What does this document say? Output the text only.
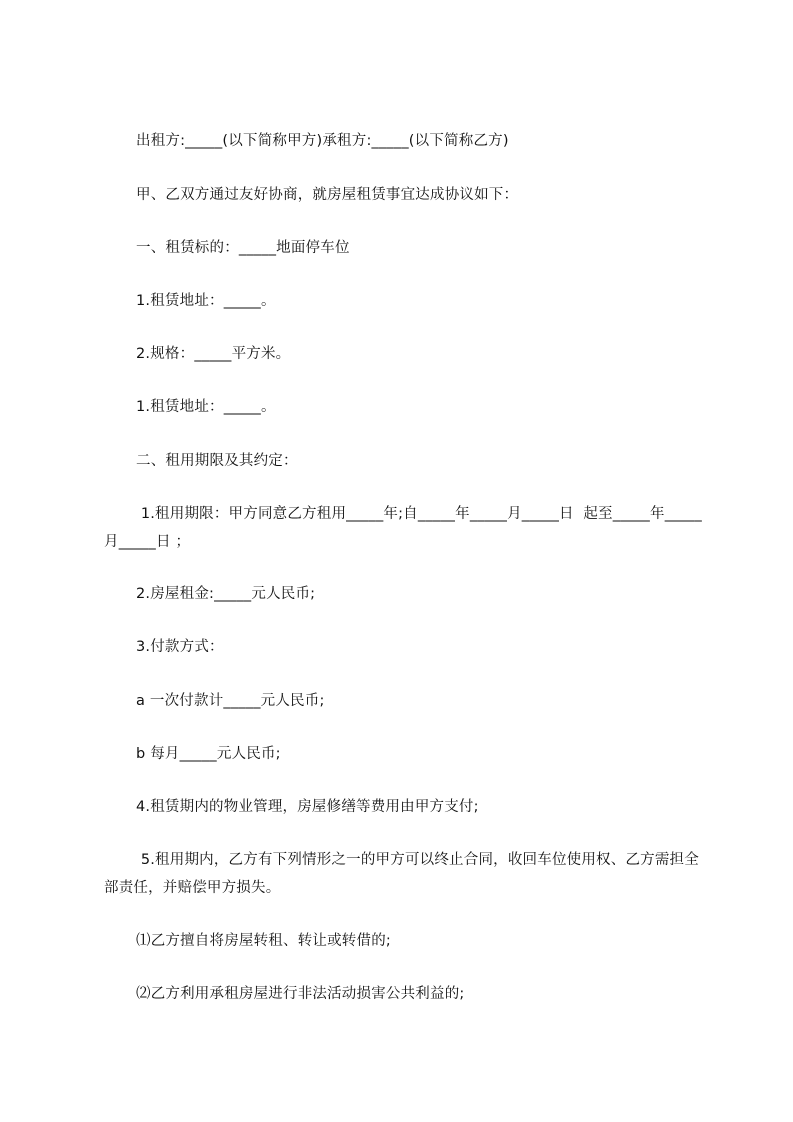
出租方:_____(以下简称甲方)承租方:_____(以下简称乙方)
甲、乙双方通过友好协商，就房屋租赁事宜达成协议如下：
一、租赁标的：_____地面停车位
1.租赁地址：_____。
2.规格：_____平方米。
1.租赁地址：_____。
二、租用期限及其约定：
1.租用期限：甲方同意乙方租用_____年;自_____年_____月_____日  起至_____年_____月_____日 ；
2.房屋租金:_____元人民币;
3.付款方式：
a 一次付款计_____元人民币;
b 每月_____元人民币;
4.租赁期内的物业管理，房屋修缮等费用由甲方支付;
5.租用期内，乙方有下列情形之一的甲方可以终止合同，收回车位使用权、乙方需担全部责任，并赔偿甲方损失。
⑴乙方擅自将房屋转租、转让或转借的;
⑵乙方利用承租房屋进行非法活动损害公共利益的;
